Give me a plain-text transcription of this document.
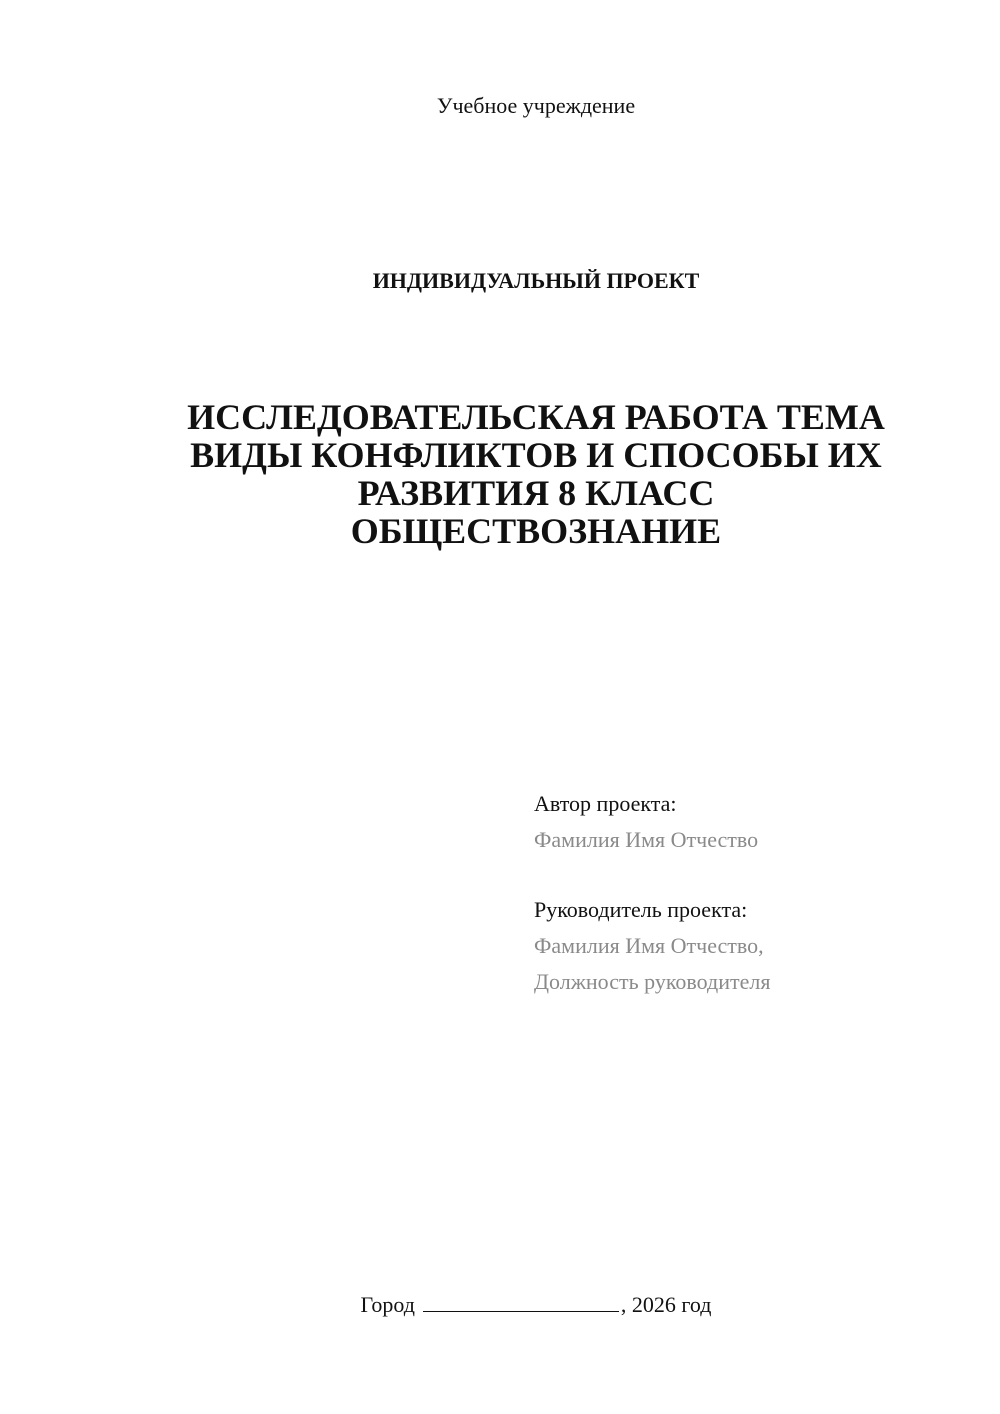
Учебное учреждение
ИНДИВИДУАЛЬНЫЙ ПРОЕКТ
ИССЛЕДОВАТЕЛЬСКАЯ РАБОТА ТЕМА
ВИДЫ КОНФЛИКТОВ И СПОСОБЫ ИХ
РАЗВИТИЯ 8 КЛАСС
ОБЩЕСТВОЗНАНИЕ
Автор проекта:
Фамилия Имя Отчество
Руководитель проекта:
Фамилия Имя Отчество,
Должность руководителя
Город	, 2026 год
